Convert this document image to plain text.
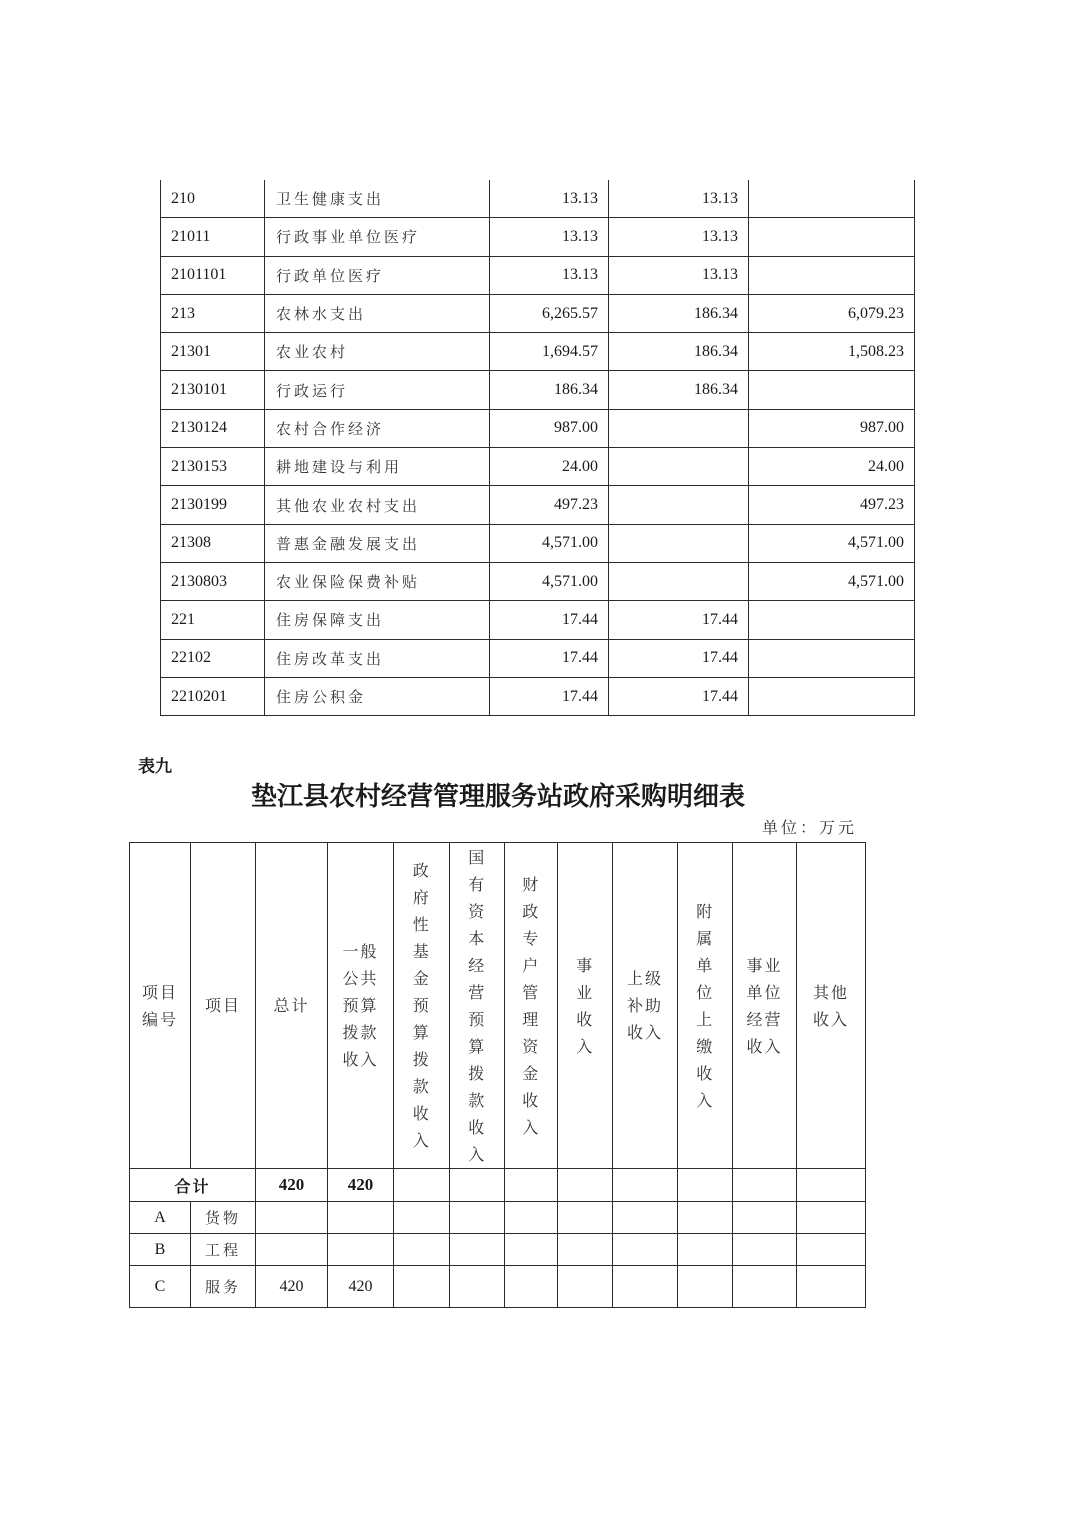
210	卫生健康支出	13.13	13.13	
21011	行政事业单位医疗	13.13	13.13	
2101101	行政单位医疗	13.13	13.13	
213	农林水支出	6,265.57	186.34	6,079.23
21301	农业农村	1,694.57	186.34	1,508.23
2130101	行政运行	186.34	186.34	
2130124	农村合作经济	987.00		987.00
2130153	耕地建设与利用	24.00		24.00
2130199	其他农业农村支出	497.23		497.23
21308	普惠金融发展支出	4,571.00		4,571.00
2130803	农业保险保费补贴	4,571.00		4,571.00
221	住房保障支出	17.44	17.44	
22102	住房改革支出	17.44	17.44	
2210201	住房公积金	17.44	17.44	
表九
垫江县农村经营管理服务站政府采购明细表
单位：万元
项目编号	项目	总计	一般公共预算拨款收入	政府性基金预算拨款收入	国有资本经营预算拨款收入	财政专户管理资金收入	事业收入	上级补助收入	附属单位上缴收入	事业单位经营收入	其他收入
合计		420	420								
A	货物										
B	工程										
C	服务	420	420								
